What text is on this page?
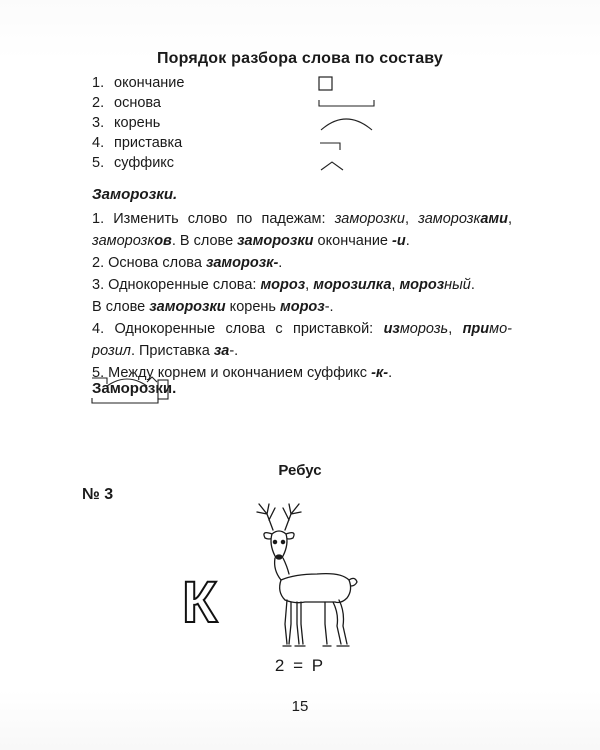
Порядок разбора слова по составу
1. окончание
2. основа
3. корень
4. приставка
5. суффикс
Заморозки.
1. Изменить слово по падежам: заморозки, заморозками, заморозков. В слове заморозки окончание -и.
2. Основа слова заморозк-.
3. Однокоренные слова: мороз, морозилка, морозный.
В слове заморозки корень мороз-.
4. Однокоренные слова с приставкой: изморозь, примо- розил. Приставка за-.
5. Между корнем и окончанием суффикс -к-.
Заморозки.
Ребус
№ 3
К
2 = Р
15
